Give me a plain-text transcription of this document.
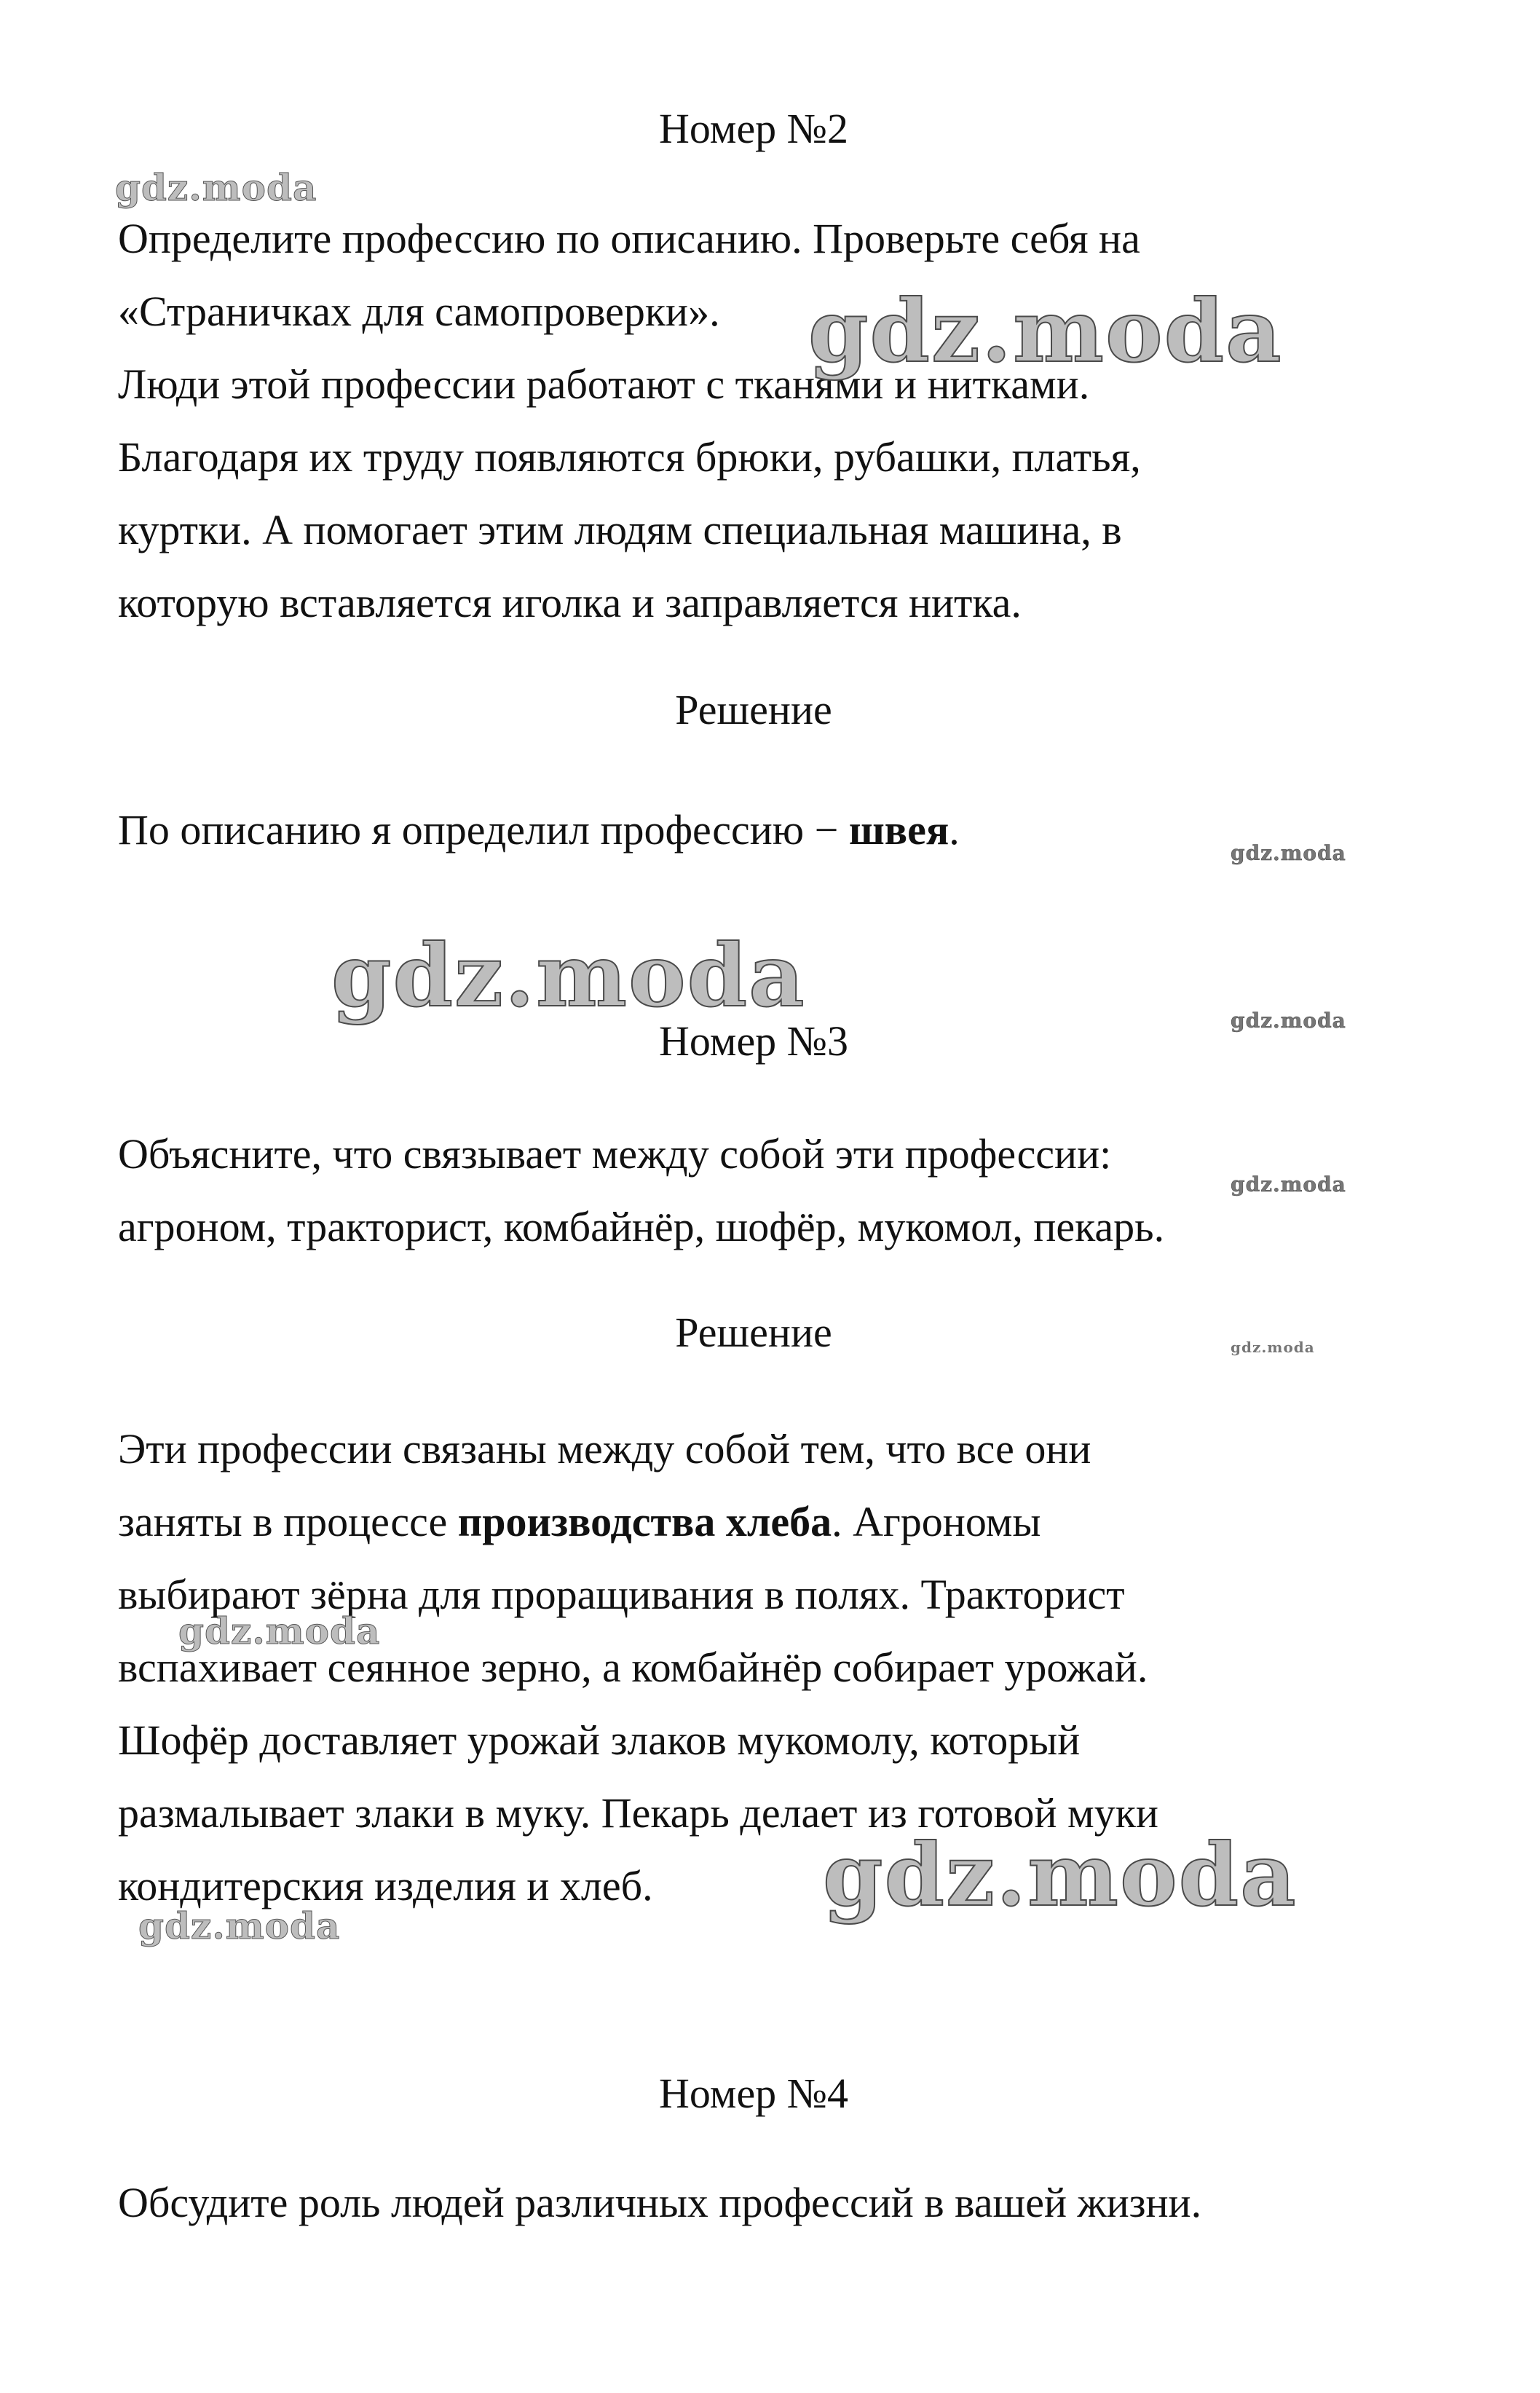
Номер №2
Определите профессию по описанию. Проверьте себя на
«Страничках для самопроверки».
Люди этой профессии работают с тканями и нитками.
Благодаря их труду появляются брюки, рубашки, платья,
куртки. А помогает этим людям специальная машина, в
которую вставляется иголка и заправляется нитка.
Решение
По описанию я определил профессию − швея.
Номер №3
Объясните, что связывает между собой эти профессии:
агроном, тракторист, комбайнёр, шофёр, мукомол, пекарь.
Решение
Эти профессии связаны между собой тем, что все они
заняты в процессе производства хлеба. Агрономы
выбирают зёрна для проращивания в полях. Тракторист
вспахивает сеянное зерно, а комбайнёр собирает урожай.
Шофёр доставляет урожай злаков мукомолу, который
размалывает злаки в муку. Пекарь делает из готовой муки
кондитерския изделия и хлеб.
Номер №4
Обсудите роль людей различных профессий в вашей жизни.
gdz.moda
gdz.moda
gdz.moda
gdz.moda	gdz.moda
gdz.moda
gdz.moda
gdz.moda
gdz.moda
gdz.moda
